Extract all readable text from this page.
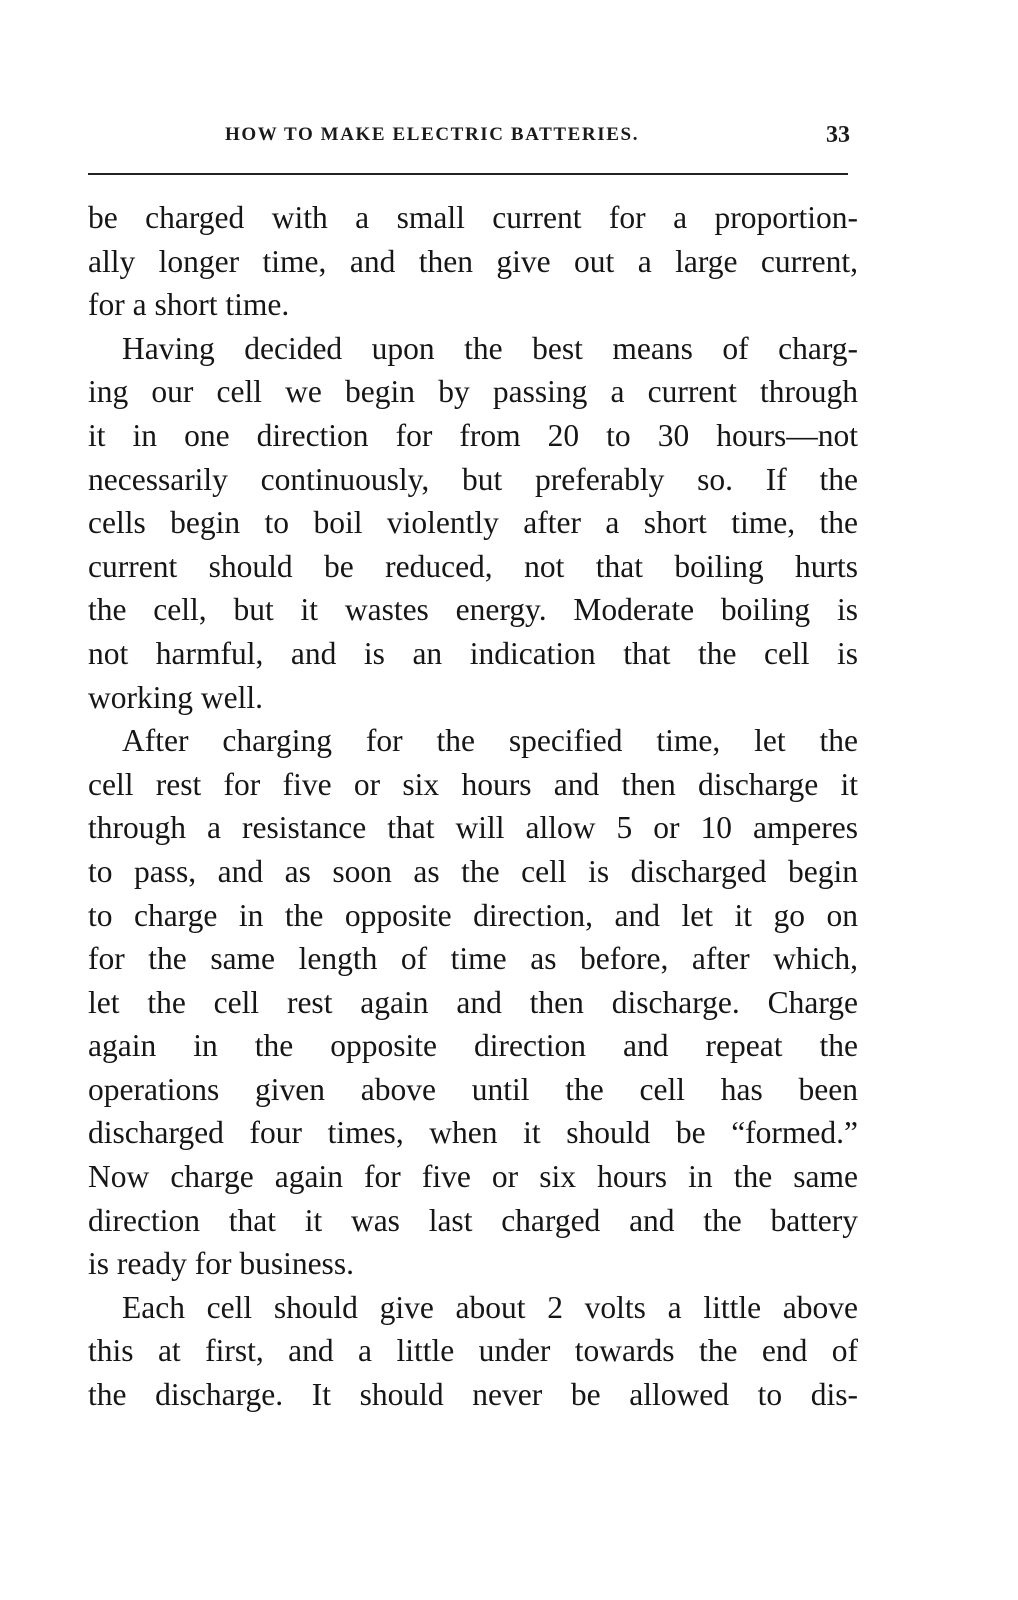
HOW TO MAKE ELECTRIC BATTERIES.	33
be charged with a small current for a proportion-
ally longer time, and then give out a large current,
for a short time.
Having decided upon the best means of charg-
ing our cell we begin by passing a current through
it in one direction for from 20 to 30 hours—not
necessarily continuously, but preferably so. If the
cells begin to boil violently after a short time, the
current should be reduced, not that boiling hurts
the cell, but it wastes energy. Moderate boiling is
not harmful, and is an indication that the cell is
working well.
After charging for the specified time, let the
cell rest for five or six hours and then discharge it
through a resistance that will allow 5 or 10 amperes
to pass, and as soon as the cell is discharged begin
to charge in the opposite direction, and let it go on
for the same length of time as before, after which,
let the cell rest again and then discharge. Charge
again in the opposite direction and repeat the
operations given above until the cell has been
discharged four times, when it should be “formed.”
Now charge again for five or six hours in the same
direction that it was last charged and the battery
is ready for business.
Each cell should give about 2 volts a little above
this at first, and a little under towards the end of
the discharge. It should never be allowed to dis-
